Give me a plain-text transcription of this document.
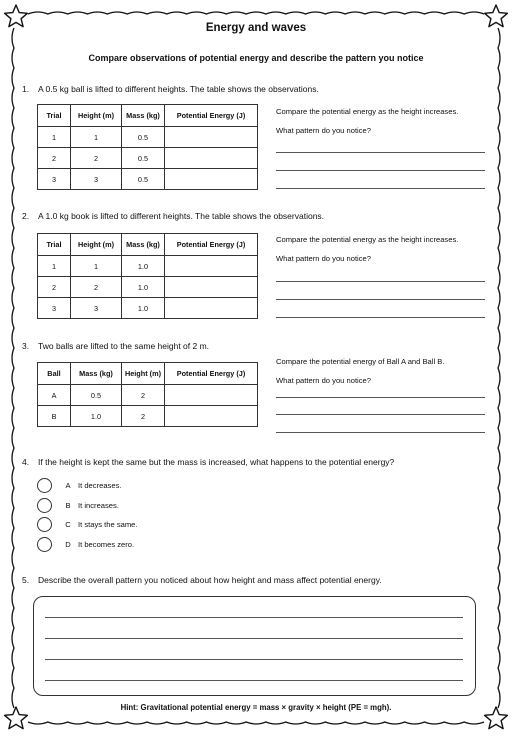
Energy and waves
Compare observations of potential energy and describe the pattern you notice
1. A 0.5 kg ball is lifted to different heights. The table shows the observations.
Trial	Height (m)	Mass (kg)	Potential Energy (J)
1	1	0.5	
2	2	0.5	
3	3	0.5	
Compare the potential energy as the height increases.
What pattern do you notice?
2. A 1.0 kg book is lifted to different heights. The table shows the observations.
Trial	Height (m)	Mass (kg)	Potential Energy (J)
1	1	1.0	
2	2	1.0	
3	3	1.0	
Compare the potential energy as the height increases.
What pattern do you notice?
3. Two balls are lifted to the same height of 2 m.
Ball	Mass (kg)	Height (m)	Potential Energy (J)
A	0.5	2	
B	1.0	2	
Compare the potential energy of Ball A and Ball B.
What pattern do you notice?
4. If the height is kept the same but the mass is increased, what happens to the potential energy?
A It decreases.
B It increases.
C It stays the same.
D It becomes zero.
5. Describe the overall pattern you noticed about how height and mass affect potential energy.
Hint: Gravitational potential energy = mass × gravity × height (PE = mgh).
